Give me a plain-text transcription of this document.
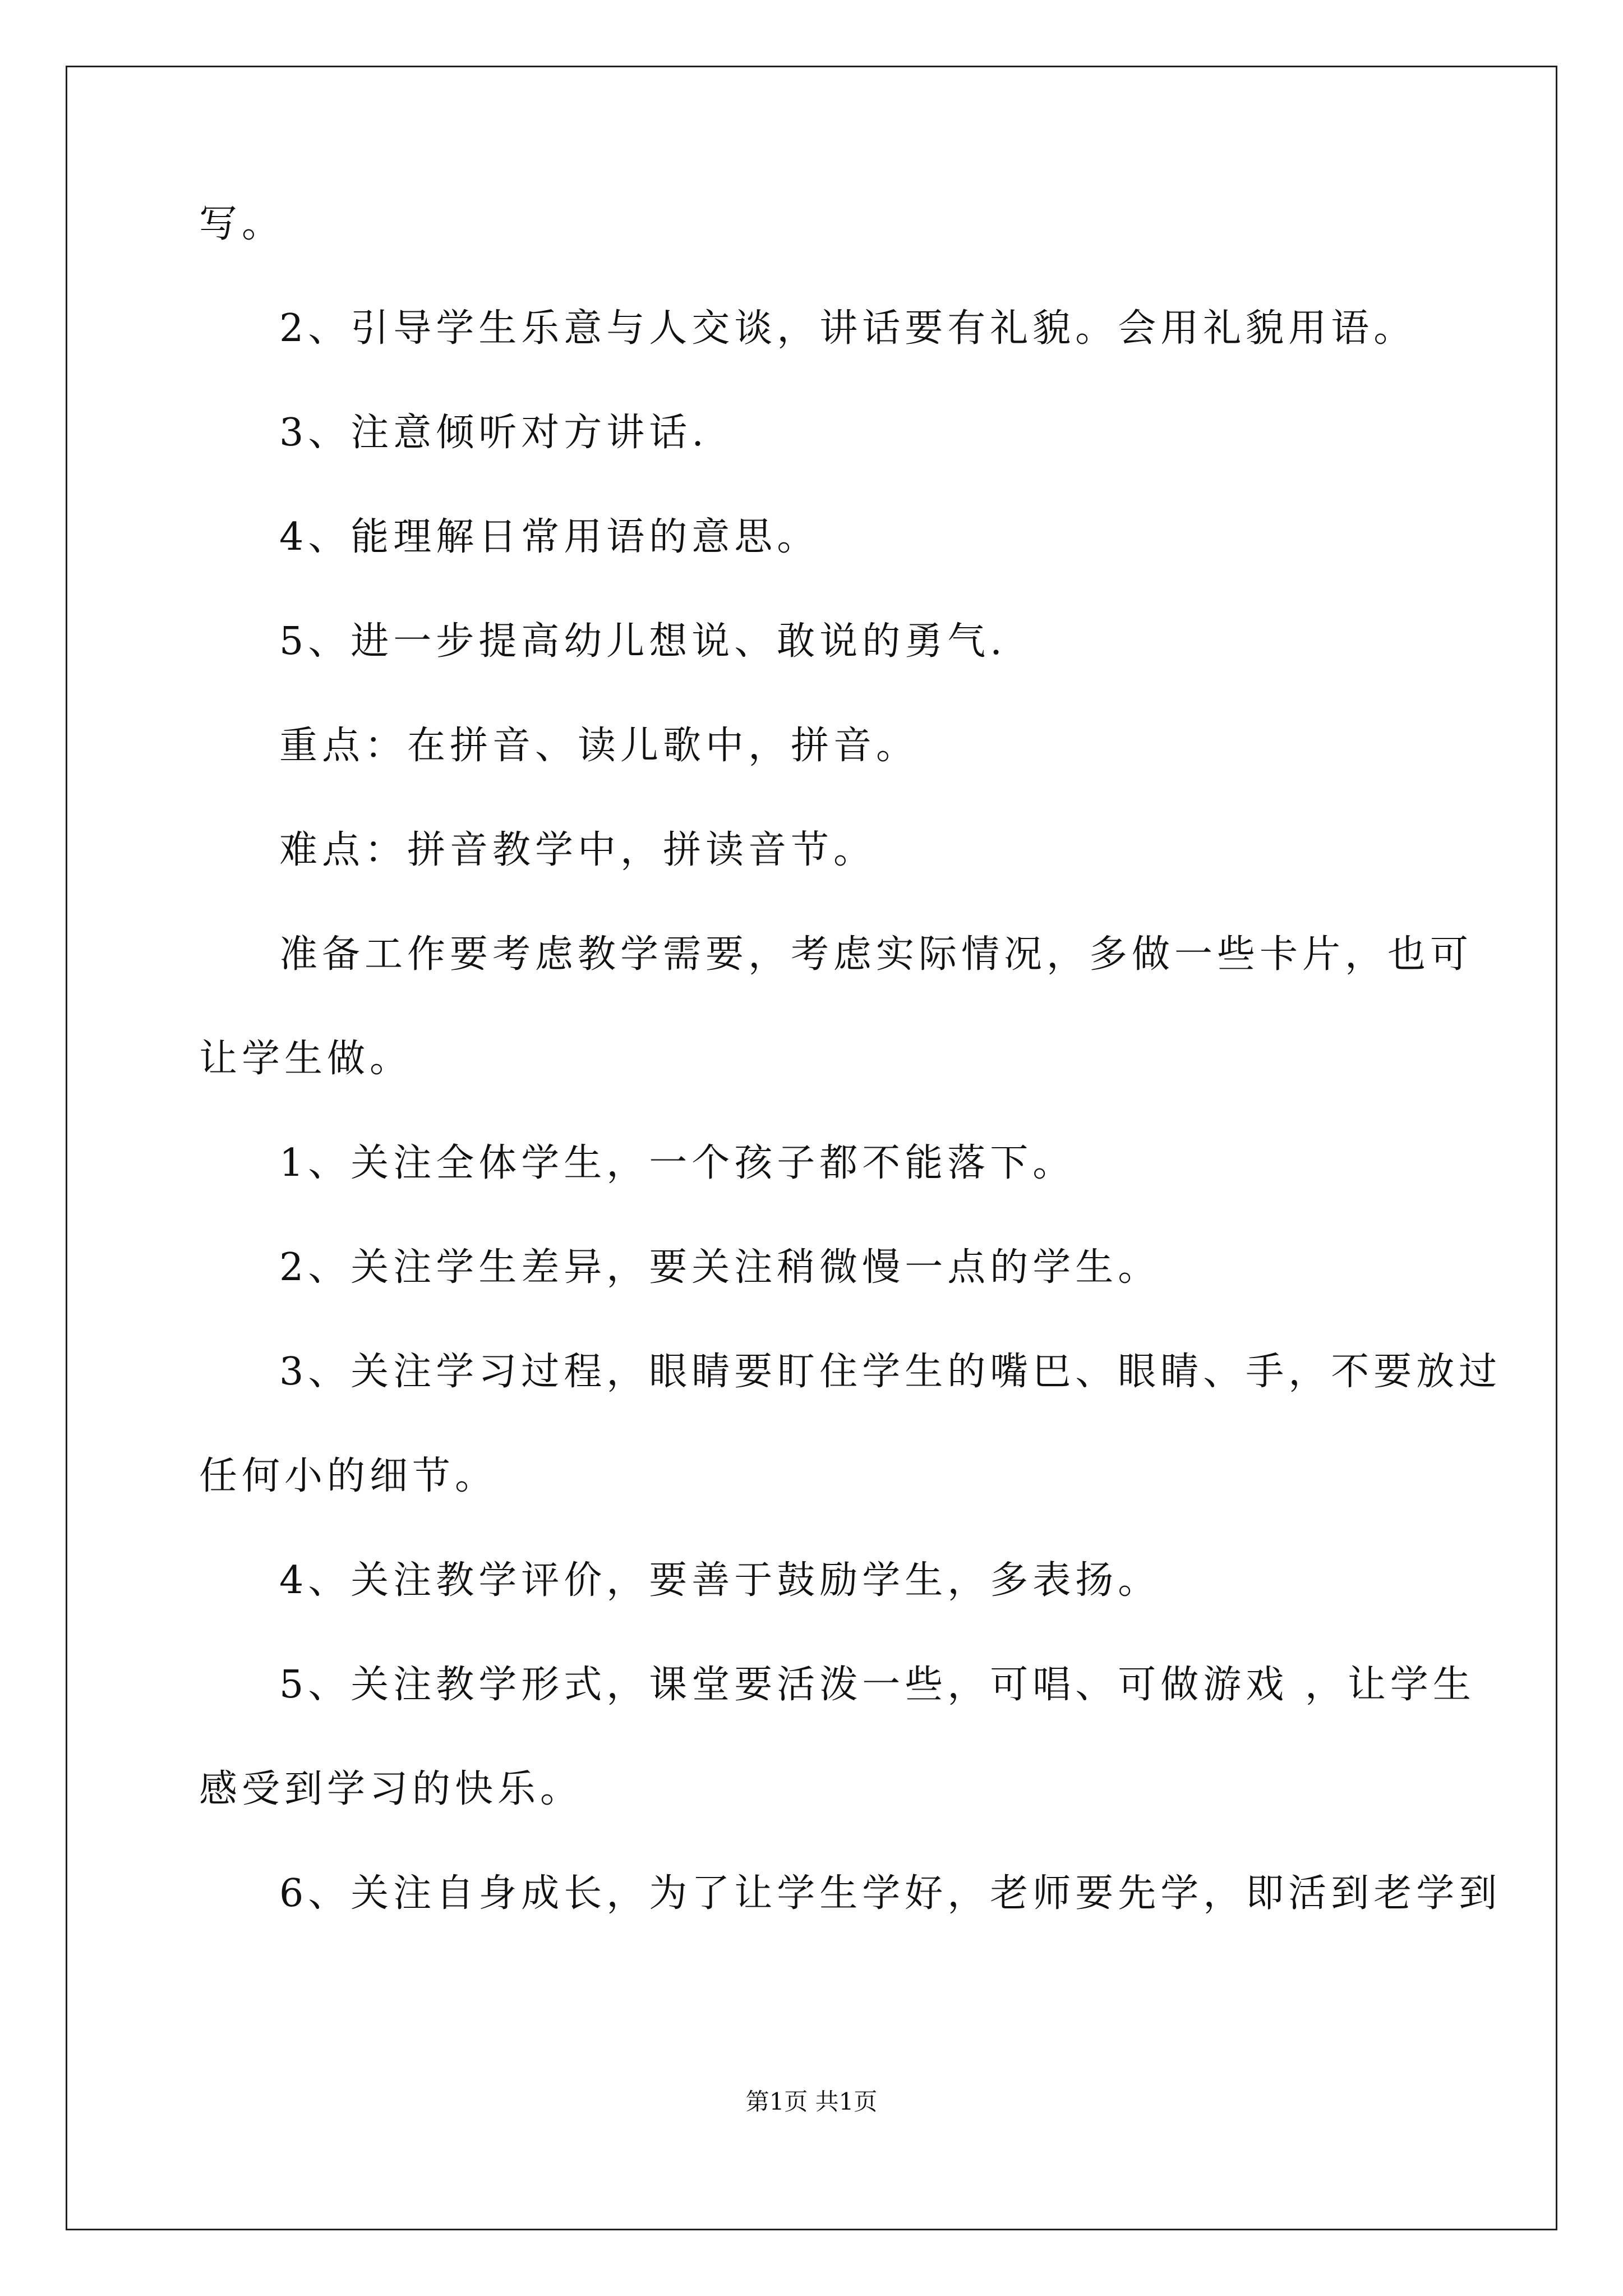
写。
2、引导学生乐意与人交谈，讲话要有礼貌。会用礼貌用语。
3、注意倾听对方讲话.
4、能理解日常用语的意思。
5、进一步提高幼儿想说、敢说的勇气.
重点：在拼音、读儿歌中，拼音。
难点：拼音教学中，拼读音节。
准备工作要考虑教学需要，考虑实际情况，多做一些卡片，也可
让学生做。
1、关注全体学生，一个孩子都不能落下。
2、关注学生差异，要关注稍微慢一点的学生。
3、关注学习过程，眼睛要盯住学生的嘴巴、眼睛、手，不要放过
任何小的细节。
4、关注教学评价，要善于鼓励学生，多表扬。
5、关注教学形式，课堂要活泼一些，可唱、可做游戏 ，让学生
感受到学习的快乐。
6、关注自身成长，为了让学生学好，老师要先学，即活到老学到
第1页 共1页
